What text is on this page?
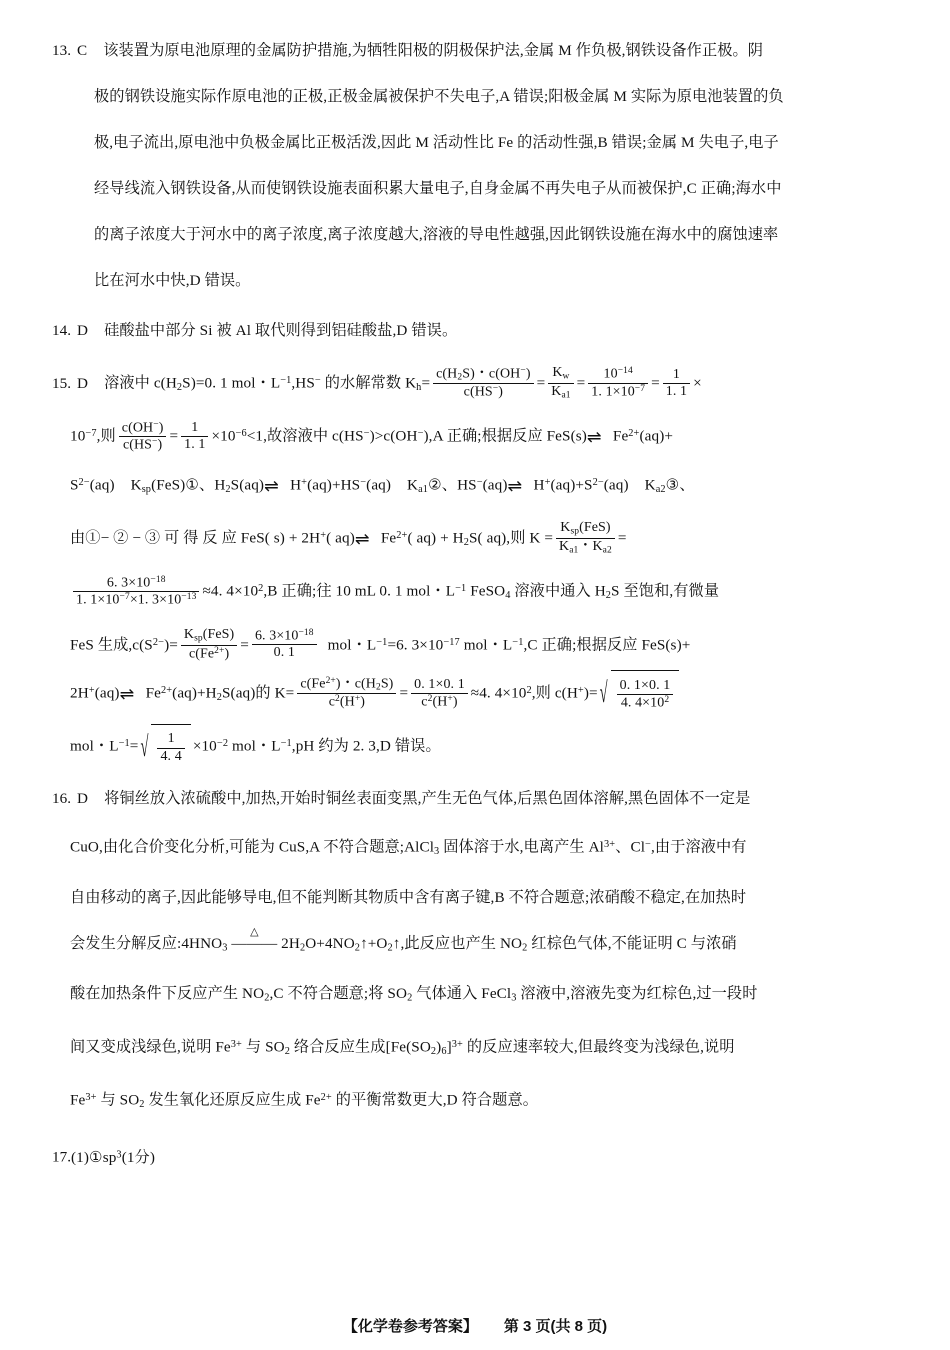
13. C 该装置为原电池原理的金属防护措施,为牺牲阳极的阴极保护法,金属 M 作负极,钢铁设备作正极。阴
极的钢铁设施实际作原电池的正极,正极金属被保护不失电子,A 错误;阳极金属 M 实际为原电池装置的负
极,电子流出,原电池中负极金属比正极活泼,因此 M 活动性比 Fe 的活动性强,B 错误;金属 M 失电子,电子
经导线流入钢铁设备,从而使钢铁设施表面积累大量电子,自身金属不再失电子从而被保护,C 正确;海水中
的离子浓度大于河水中的离子浓度,离子浓度越大,溶液的导电性越强,因此钢铁设施在海水中的腐蚀速率
比在河水中快,D 错误。
14. D 硅酸盐中部分 Si 被 Al 取代则得到铝硅酸盐,D 错误。
15. D 溶液中 $c(H_2S)=0$. 1 mol・$L^{-1},HS^-$ 的水解常数 $K_h= \frac{c(H_2S)・c(OH^-)}{c(HS^-)} = \frac{K_w}{K_{a1}} = \frac{10^{-14}}{1. 1\times 10^{-7}} = \frac{1}{1. 1}$ ×
$10^{-7}$,则 $\frac{c(OH^-)}{c(HS^-)} = \frac{1}{1. 1} \times 10^{-6}<1$,故溶液中 c(HS−)>c(OH−),A 正确;根据反应 FeS(s) ⇌ $Fe^{2+}(aq)+$
$S^{2-}(aq)$ $K_{sp}(FeS)①$、$H_2S(aq)$ ⇌ H+(aq)+HS−(aq) $K_{a1}②$、HS−(aq) ⇌ $H^+(aq)+S^{2-}(aq)$ $K_{a2}③$、
由①− ② − ③ 可 得 反 应 FeS( s) + 2H+( aq) ⇌ $Fe^{2+}$( $aq) + H_2S$( aq),则 $K = \frac{K_{sp}(FeS)}{K_{a1}・K_{a2}}$ =
$\frac{6. 3\times 10^{-18}}{1. 1\times 10^{-7}\times 1. 3\times 10^{-13}} \approx 4$. $4\times 10^2,B$ 正确;往 10 mL 0. 1 mol・$L^{-1}$ FeSO$_4$ 溶液中通入 $H_2S$ 至饱和,有微量
FeS 生成$,c(S^{2-})= \frac{K_{sp}(FeS)}{c(Fe^{2+})} = \frac{6. 3\times 10^{-18}}{0. 1}$ mol・$L^{-1}=6$. $3\times 10^{-17}$ mol・$L^{-1},C$ 正确;根据反应 FeS(s)+
2H+(aq) ⇌ $Fe^{2+}(aq)+H_2S(aq)$的 $K= \frac{c(Fe^{2+})・c(H_2S)}{c^2(H^+)} = \frac{0. 1\times 0. 1}{c^2(H^+)} \approx 4$. $4\times 10^2$,则 c(H+)= √ $\frac{0. 1\times 0. 1}{4. 4\times 10^2}$
mol・$L^{-1}=$ √ $\frac{1}{4. 4} \times 10^{-2}$ mol・$L^{-1},pH$ 约为 2. 3,D 错误。
16. D 将铜丝放入浓硫酸中,加热,开始时铜丝表面变黑,产生无色气体,后黑色固体溶解,黑色固体不一定是
CuO,由化合价变化分析,可能为 CuS,A 不符合题意;AlCl$_3$ 固体溶于水,电离产生 $Al^{3+}$、Cl−,由于溶液中有
自由移动的离子,因此能够导电,但不能判断其物质中含有离子键,B 不符合题意;浓硝酸不稳定,在加热时
会发生分解反应$:4HNO_3$
△
——— $2H_2O+4NO_2↑+O_2↑$,此反应也产生 $NO_2$ 红棕色气体,不能证明 C 与浓硝
酸在加热条件下反应产生 $NO_2,C$ 不符合题意;将 $SO_2$ 气体通入 FeCl$_3$ 溶液中,溶液先变为红棕色,过一段时
间又变成浅绿色,说明 $Fe^{3+}$ 与 $SO_2$ 络合反应生成$[Fe(SO_2)_6]^{3+}$ 的反应速率较大,但最终变为浅绿色,说明
$Fe^{3+}$ 与 $SO_2$ 发生氧化还原反应生成 $Fe^{2+}$ 的平衡常数更大,D 符合题意。
$17.(1)①sp^3(1$分)
【化学卷参考答案】 第 3 页(共 8 页)
